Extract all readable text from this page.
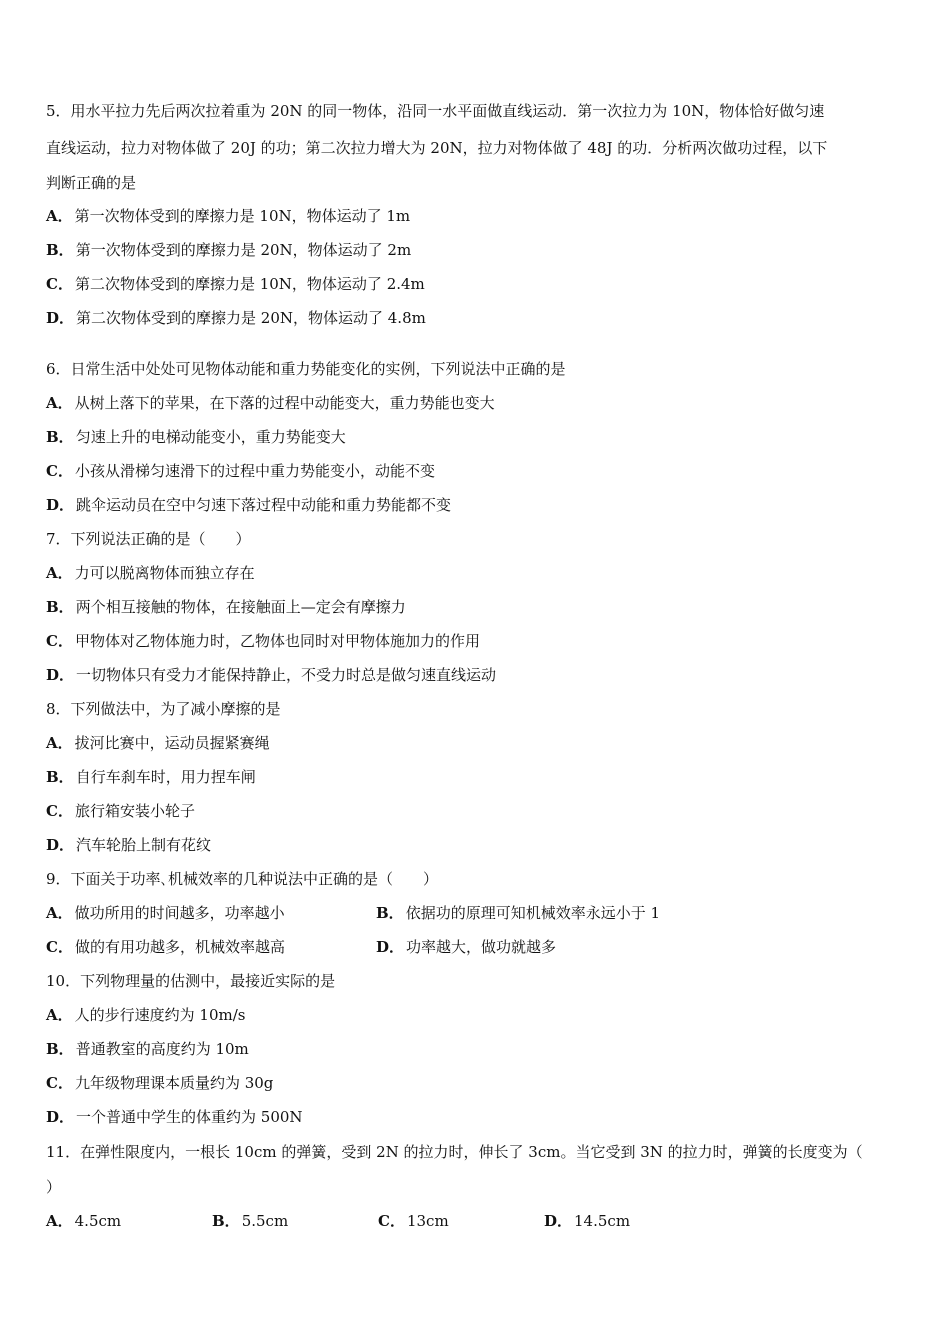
5．用水平拉力先后两次拉着重为 20N 的同一物体，沿同一水平面做直线运动．第一次拉力为 10N，物体恰好做匀速
直线运动，拉力对物体做了 20J 的功；第二次拉力增大为 20N，拉力对物体做了 48J 的功．分析两次做功过程，以下
判断正确的是
A． 第一次物体受到的摩擦力是 10N，物体运动了 1m
B． 第一次物体受到的摩擦力是 20N，物体运动了 2m
C． 第二次物体受到的摩擦力是 10N，物体运动了 2.4m
D． 第二次物体受到的摩擦力是 20N，物体运动了 4.8m
6．日常生活中处处可见物体动能和重力势能变化的实例，下列说法中正确的是
A． 从树上落下的苹果，在下落的过程中动能变大，重力势能也变大
B． 匀速上升的电梯动能变小，重力势能变大
C． 小孩从滑梯匀速滑下的过程中重力势能变小，动能不变
D． 跳伞运动员在空中匀速下落过程中动能和重力势能都不变
7．下列说法正确的是（　　）
A． 力可以脱离物体而独立存在
B． 两个相互接触的物体，在接触面上—定会有摩擦力
C． 甲物体对乙物体施力时，乙物体也同时对甲物体施加力的作用
D． 一切物体只有受力才能保持静止，不受力时总是做匀速直线运动
8．下列做法中，为了减小摩擦的是
A． 拔河比赛中，运动员握紧赛绳
B． 自行车刹车时，用力捏车闸
C． 旅行箱安装小轮子
D． 汽车轮胎上制有花纹
9．下面关于功率､机械效率的几种说法中正确的是（　　）
A． 做功所用的时间越多，功率越小	B． 依据功的原理可知机械效率永远小于 1
C． 做的有用功越多，机械效率越高	D． 功率越大，做功就越多
10．下列物理量的估测中，最接近实际的是
A． 人的步行速度约为 10m/s
B． 普通教室的高度约为 10m
C． 九年级物理课本质量约为 30g
D． 一个普通中学生的体重约为 500N
11．在弹性限度内，一根长 10cm 的弹簧，受到 2N 的拉力时，伸长了 3cm。当它受到 3N 的拉力时，弹簧的长度变为（
）
A． 4.5cm	B． 5.5cm	C． 13cm	D． 14.5cm
